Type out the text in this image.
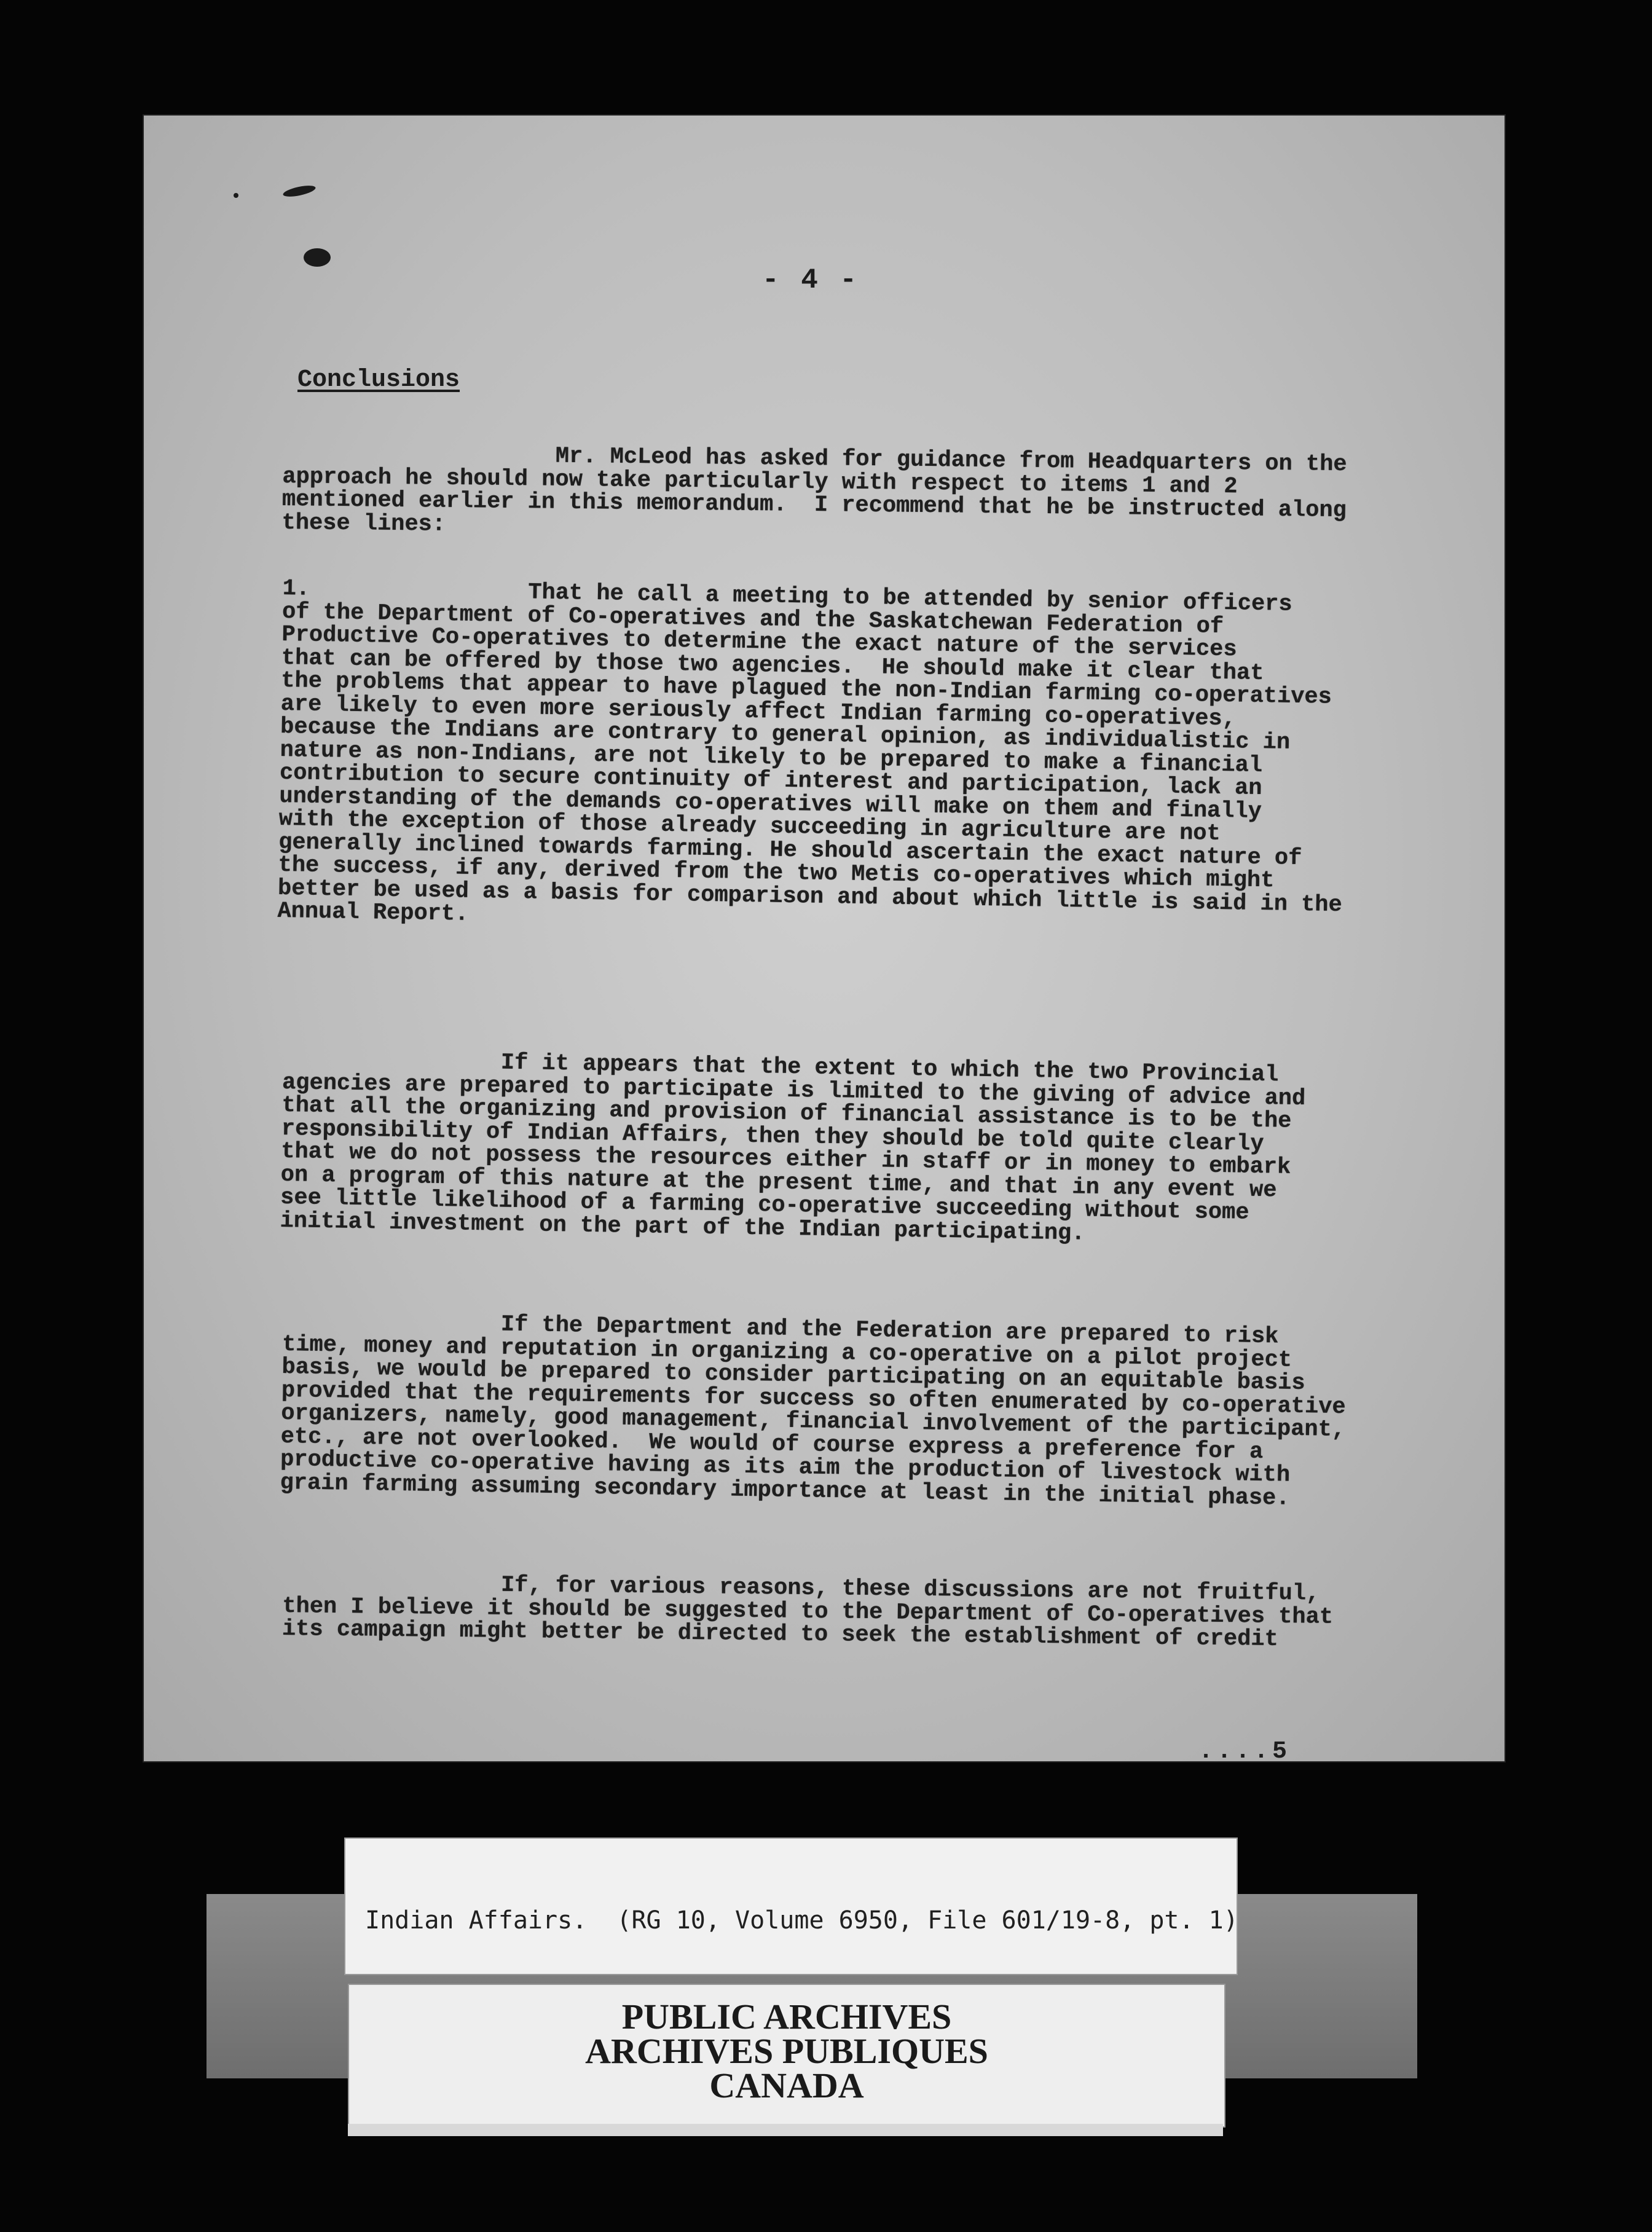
- 4 -
Conclusions

Mr. McLeod has asked for guidance from Headquarters on the
approach he should now take particularly with respect to items 1 and 2
mentioned earlier in this memorandum.  I recommend that he be instructed along
these lines:

1.                That he call a meeting to be attended by senior officers
of the Department of Co-operatives and the Saskatchewan Federation of
Productive Co-operatives to determine the exact nature of the services
that can be offered by those two agencies.  He should make it clear that
the problems that appear to have plagued the non-Indian farming co-operatives
are likely to even more seriously affect Indian farming co-operatives,
because the Indians are contrary to general opinion, as individualistic in
nature as non-Indians, are not likely to be prepared to make a financial
contribution to secure continuity of interest and participation, lack an
understanding of the demands co-operatives will make on them and finally
with the exception of those already succeeding in agriculture are not
generally inclined towards farming. He should ascertain the exact nature of
the success, if any, derived from the two Metis co-operatives which might
better be used as a basis for comparison and about which little is said in the
Annual Report.

If it appears that the extent to which the two Provincial
agencies are prepared to participate is limited to the giving of advice and
that all the organizing and provision of financial assistance is to be the
responsibility of Indian Affairs, then they should be told quite clearly
that we do not possess the resources either in staff or in money to embark
on a program of this nature at the present time, and that in any event we
see little likelihood of a farming co-operative succeeding without some
initial investment on the part of the Indian participating.

If the Department and the Federation are prepared to risk
time, money and reputation in organizing a co-operative on a pilot project
basis, we would be prepared to consider participating on an equitable basis
provided that the requirements for success so often enumerated by co-operative
organizers, namely, good management, financial involvement of the participant,
etc., are not overlooked.  We would of course express a preference for a
productive co-operative having as its aim the production of livestock with
grain farming assuming secondary importance at least in the initial phase.

If, for various reasons, these discussions are not fruitful,
then I believe it should be suggested to the Department of Co-operatives that
its campaign might better be directed to seek the establishment of credit

....5
Indian Affairs.  (RG 10, Volume 6950, File 601/19-8, pt. 1)
PUBLIC ARCHIVES
ARCHIVES PUBLIQUES
CANADA
